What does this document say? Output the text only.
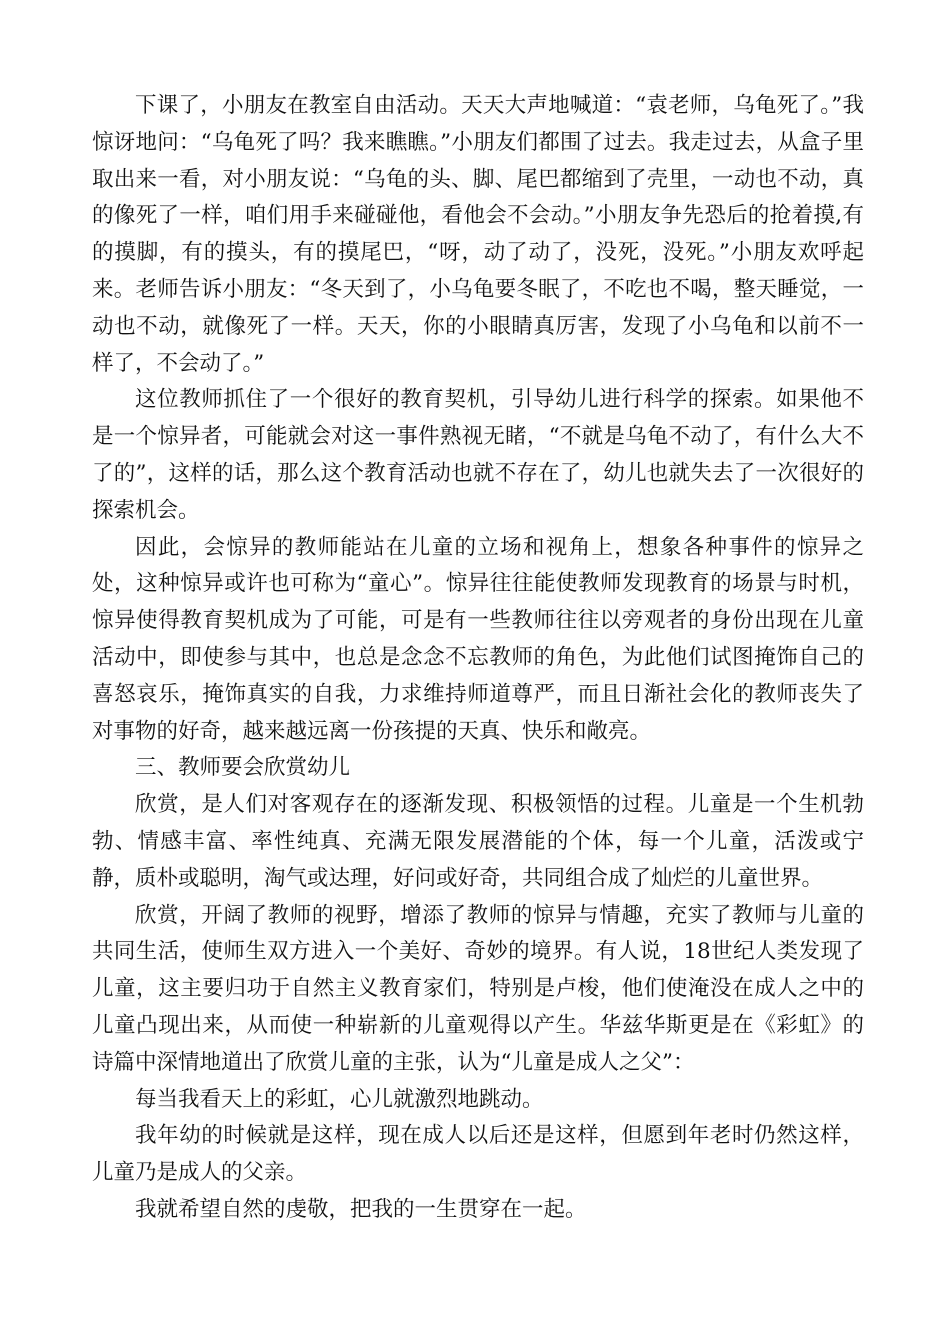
下课了，小朋友在教室自由活动。天天大声地喊道：“袁老师，乌龟死了。”我惊讶地问：“乌龟死了吗？我来瞧瞧。”小朋友们都围了过去。我走过去，从盒子里取出来一看，对小朋友说：“乌龟的头、脚、尾巴都缩到了壳里，一动也不动，真的像死了一样，咱们用手来碰碰他，看他会不会动。”小朋友争先恐后的抢着摸,有的摸脚，有的摸头，有的摸尾巴，“呀，动了动了，没死，没死。”小朋友欢呼起来。老师告诉小朋友：“冬天到了，小乌龟要冬眠了，不吃也不喝，整天睡觉，一动也不动，就像死了一样。天天，你的小眼睛真厉害，发现了小乌龟和以前不一样了，不会动了。”

这位教师抓住了一个很好的教育契机，引导幼儿进行科学的探索。如果他不是一个惊异者，可能就会对这一事件熟视无睹，“不就是乌龟不动了，有什么大不了的”，这样的话，那么这个教育活动也就不存在了，幼儿也就失去了一次很好的探索机会。

因此，会惊异的教师能站在儿童的立场和视角上，想象各种事件的惊异之处，这种惊异或许也可称为“童心”。惊异往往能使教师发现教育的场景与时机，惊异使得教育契机成为了可能，可是有一些教师往往以旁观者的身份出现在儿童活动中，即使参与其中，也总是念念不忘教师的角色，为此他们试图掩饰自己的喜怒哀乐，掩饰真实的自我，力求维持师道尊严，而且日渐社会化的教师丧失了对事物的好奇，越来越远离一份孩提的天真、快乐和敞亮。

三、教师要会欣赏幼儿

欣赏，是人们对客观存在的逐渐发现、积极领悟的过程。儿童是一个生机勃勃、情感丰富、率性纯真、充满无限发展潜能的个体，每一个儿童，活泼或宁静，质朴或聪明，淘气或达理，好问或好奇，共同组合成了灿烂的儿童世界。

欣赏，开阔了教师的视野，增添了教师的惊异与情趣，充实了教师与儿童的共同生活，使师生双方进入一个美好、奇妙的境界。有人说，18世纪人类发现了儿童，这主要归功于自然主义教育家们，特别是卢梭，他们使淹没在成人之中的儿童凸现出来，从而使一种崭新的儿童观得以产生。华兹华斯更是在《彩虹》的诗篇中深情地道出了欣赏儿童的主张，认为“儿童是成人之父”：

每当我看天上的彩虹，心儿就激烈地跳动。

我年幼的时候就是这样，现在成人以后还是这样，但愿到年老时仍然这样，儿童乃是成人的父亲。

我就希望自然的虔敬，把我的一生贯穿在一起。
